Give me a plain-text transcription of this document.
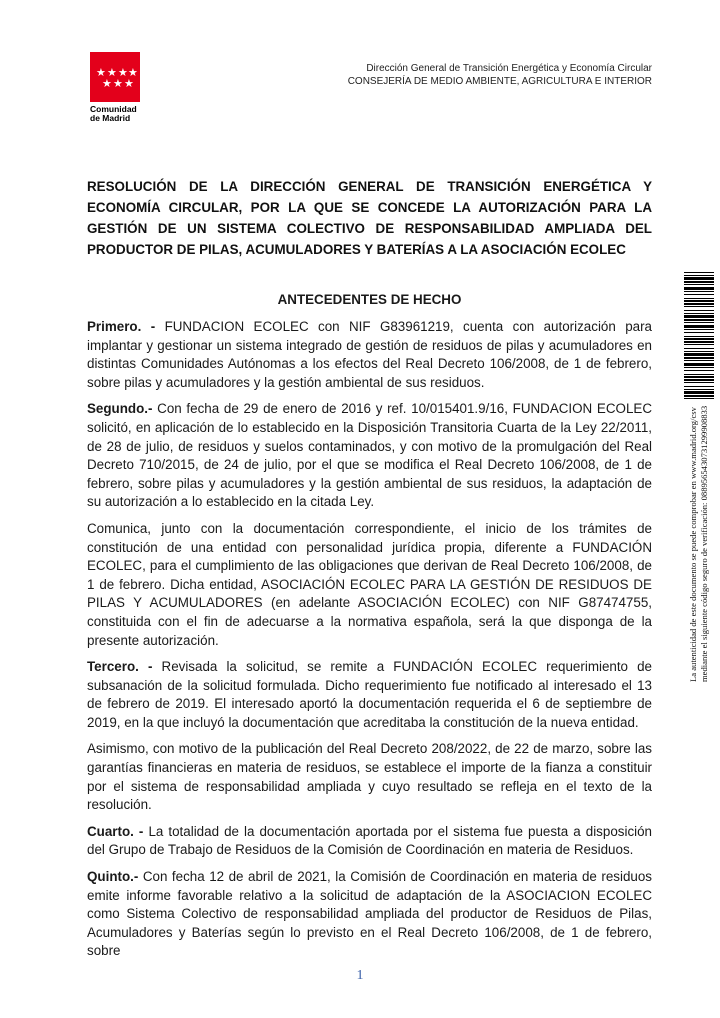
★ ★ ★ ★
★ ★ ★
Comunidad
de Madrid
Dirección General de Transición Energética y Economía Circular
CONSEJERÍA DE MEDIO AMBIENTE, AGRICULTURA E INTERIOR
RESOLUCIÓN DE LA DIRECCIÓN GENERAL DE TRANSICIÓN ENERGÉTICA Y ECONOMÍA CIRCULAR, POR LA QUE SE CONCEDE LA AUTORIZACIÓN PARA LA GESTIÓN DE UN SISTEMA COLECTIVO DE RESPONSABILIDAD AMPLIADA DEL PRODUCTOR DE PILAS, ACUMULADORES Y BATERÍAS A LA ASOCIACIÓN ECOLEC
ANTECEDENTES DE HECHO

Primero. - FUNDACION ECOLEC con NIF G83961219, cuenta con autorización para implantar y gestionar un sistema integrado de gestión de residuos de pilas y acumuladores en distintas Comunidades Autónomas a los efectos del Real Decreto 106/2008, de 1 de febrero, sobre pilas y acumuladores y la gestión ambiental de sus residuos.

Segundo.- Con fecha de 29 de enero de 2016 y ref. 10/015401.9/16, FUNDACION ECOLEC solicitó, en aplicación de lo establecido en la Disposición Transitoria Cuarta de la Ley 22/2011, de 28 de julio, de residuos y suelos contaminados, y con motivo de la promulgación del Real Decreto 710/2015, de 24 de julio, por el que se modifica el Real Decreto 106/2008, de 1 de febrero, sobre pilas y acumuladores y la gestión ambiental de sus residuos, la adaptación de su autorización a lo establecido en la citada Ley.

Comunica, junto con la documentación correspondiente, el inicio de los trámites de constitución de una entidad con personalidad jurídica propia, diferente a FUNDACIÓN ECOLEC, para el cumplimiento de las obligaciones que derivan de Real Decreto 106/2008, de 1 de febrero. Dicha entidad, ASOCIACIÓN ECOLEC PARA LA GESTIÓN DE RESIDUOS DE PILAS Y ACUMULADORES (en adelante ASOCIACIÓN ECOLEC) con NIF G87474755, constituida con el fin de adecuarse a la normativa española, será la que disponga de la presente autorización.

Tercero. - Revisada la solicitud, se remite a FUNDACIÓN ECOLEC requerimiento de subsanación de la solicitud formulada. Dicho requerimiento fue notificado al interesado el 13 de febrero de 2019. El interesado aportó la documentación requerida el 6 de septiembre de 2019, en la que incluyó la documentación que acreditaba la constitución de la nueva entidad.

Asimismo, con motivo de la publicación del Real Decreto 208/2022, de 22 de marzo, sobre las garantías financieras en materia de residuos, se establece el importe de la fianza a constituir por el sistema de responsabilidad ampliada y cuyo resultado se refleja en el texto de la resolución.

Cuarto. - La totalidad de la documentación aportada por el sistema fue puesta a disposición del Grupo de Trabajo de Residuos de la Comisión de Coordinación en materia de Residuos.

Quinto.- Con fecha 12 de abril de 2021, la Comisión de Coordinación en materia de residuos emite informe favorable relativo a la solicitud de adaptación de la ASOCIACION ECOLEC como Sistema Colectivo de responsabilidad ampliada del productor de Residuos de Pilas, Acumuladores y Baterías según lo previsto en el Real Decreto 106/2008, de 1 de febrero, sobre

La autenticidad de este documento se puede comprobar en www.madrid.org/csv mediante el siguiente código seguro de verificación: 0889565430731299908833
1
